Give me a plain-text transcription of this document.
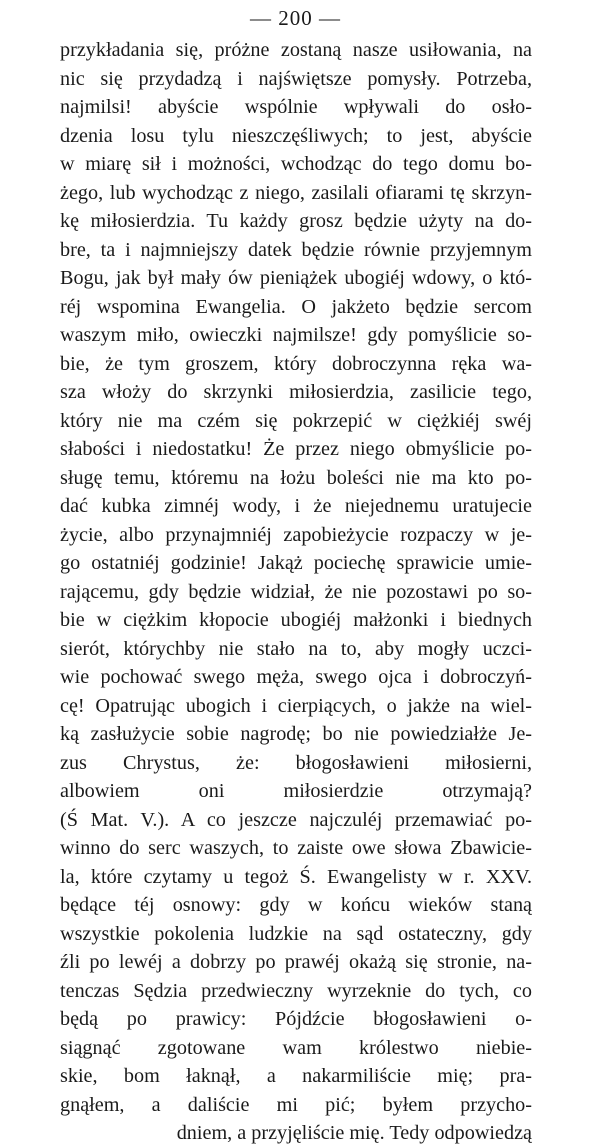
— 200 —
przykładania się, próżne zostaną nasze usiłowania, na
nic się przydadzą i najświętsze pomysły. Potrzeba,
najmilsi! abyście wspólnie wpływali do osło-
dzenia losu tylu nieszczęśliwych; to jest, abyście
w miarę sił i możności, wchodząc do tego domu bo-
żego, lub wychodząc z niego, zasilali ofiarami tę skrzyn-
kę miłosierdzia. Tu każdy grosz będzie użyty na do-
bre, ta i najmniejszy datek będzie równie przyjemnym
Bogu, jak był mały ów pieniążek ubogiéj wdowy, o któ-
réj wspomina Ewangelia. O jakżeto będzie sercom
waszym miło, owieczki najmilsze! gdy pomyślicie so-
bie, że tym groszem, który dobroczynna ręka wa-
sza włoży do skrzynki miłosierdzia, zasilicie tego,
który nie ma czém się pokrzepić w ciężkiéj swéj
słabości i niedostatku! Że przez niego obmyślicie po-
sługę temu, któremu na łożu boleści nie ma kto po-
dać kubka zimnéj wody, i że niejednemu uratujecie
życie, albo przynajmniéj zapobieżycie rozpaczy w je-
go ostatniéj godzinie! Jakąż pociechę sprawicie umie-
rającemu, gdy będzie widział, że nie pozostawi po so-
bie w ciężkim kłopocie ubogiéj małżonki i biednych
sierót, którychby nie stało na to, aby mogły uczci-
wie pochować swego męża, swego ojca i dobroczyń-
cę! Opatrując ubogich i cierpiących, o jakże na wiel-
ką zasłużycie sobie nagrodę; bo nie powiedziałże Je-
zus Chrystus, że: błogosławieni miłosierni,
albowiem oni miłosierdzie otrzymają?
(Ś Mat. V.). A co jeszcze najczuléj przemawiać po-
winno do serc waszych, to zaiste owe słowa Zbawicie-
la, które czytamy u tegoż Ś. Ewangelisty w r. XXV.
będące téj osnowy: gdy w końcu wieków staną
wszystkie pokolenia ludzkie na sąd ostateczny, gdy
źli po lewéj a dobrzy po prawéj okażą się stronie, na-
tenczas Sędzia przedwieczny wyrzeknie do tych, co
będą po prawicy: Pójdźcie błogosławieni o-
siągnąć zgotowane wam królestwo niebie-
skie, bom łaknął, a nakarmiliście mię; pra-
gnąłem, a daliście mi pić; byłem przycho-
dniem, a przyjęliście mię. Tedy odpowiedzą
